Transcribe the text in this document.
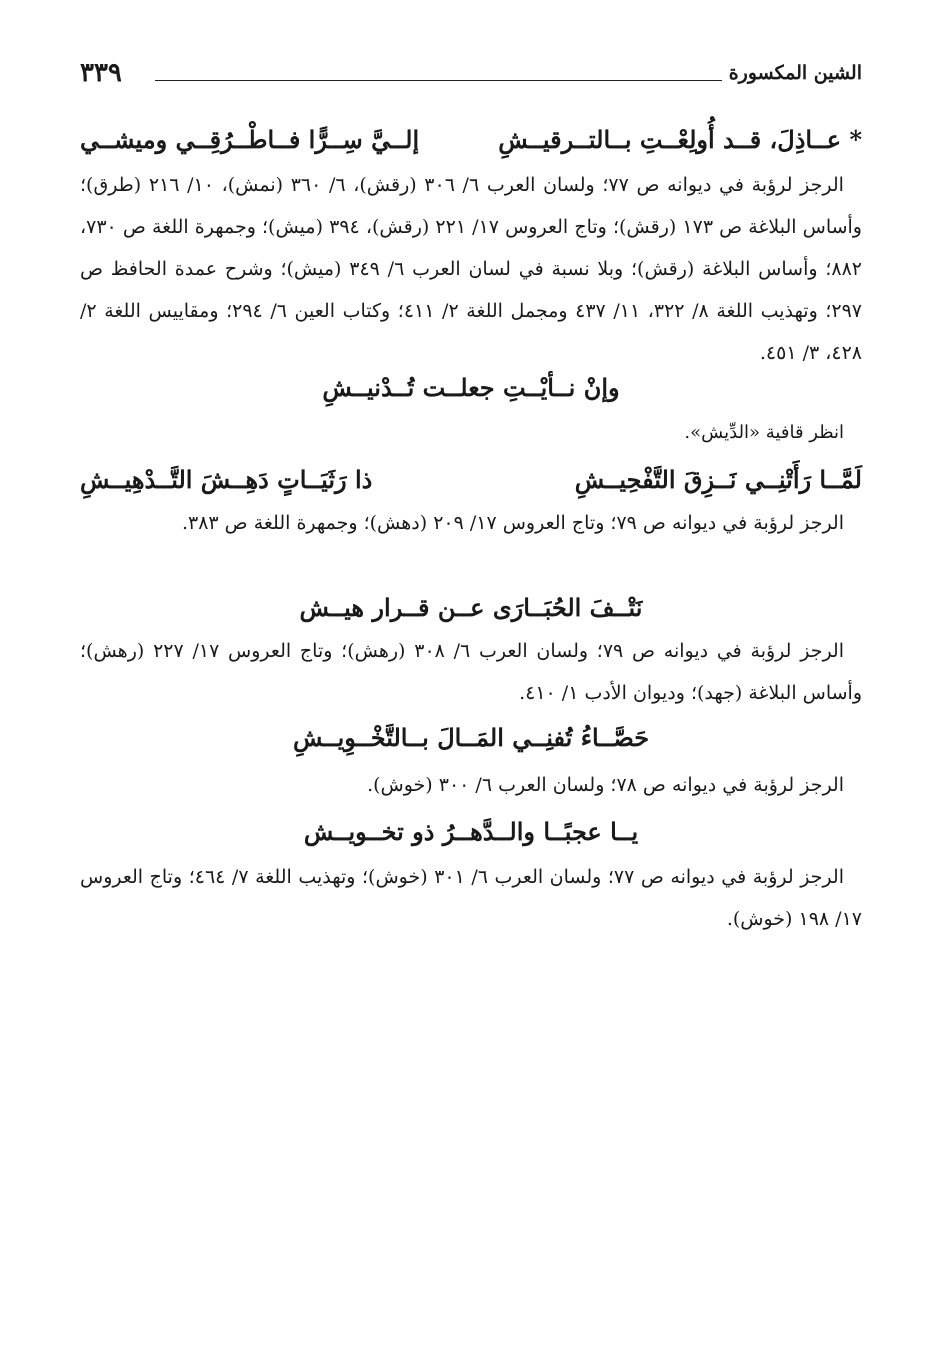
الشين المكسورة
٣٣٩
* عــاذِلَ، قــد أُولِعْــتِ بــالتــرقيــشِ
إلــيَّ سِــرًّا فــاطْــرُقِــي وميشــي
الرجز لرؤبة في ديوانه ص ٧٧؛ ولسان العرب ٦/ ٣٠٦ (رقش)، ٦/ ٣٦٠ (نمش)، ١٠/ ٢١٦ (طرق)؛ وأساس البلاغة ص ١٧٣ (رقش)؛ وتاج العروس ١٧/ ٢٢١ (رقش)، ٣٩٤ (ميش)؛ وجمهرة اللغة ص ٧٣٠، ٨٨٢؛ وأساس البلاغة (رقش)؛ وبلا نسبة في لسان العرب ٦/ ٣٤٩ (ميش)؛ وشرح عمدة الحافظ ص ٢٩٧؛ وتهذيب اللغة ٨/ ٣٢٢، ١١/ ٤٣٧ ومجمل اللغة ٢/ ٤١١؛ وكتاب العين ٦/ ٢٩٤؛ ومقاييس اللغة ٢/ ٤٢٨، ٣/ ٤٥١.
وإنْ نــأيْــتِ جعلــت تُــدْنيــشِ
انظر قافية «الدِّيش».
لَمَّــا رَأَتْنِــي نَــزِقَ التَّفْحِيــشِ
ذا رَثَيَــاتٍ دَهِــشَ التَّــدْهِيــشِ
الرجز لرؤبة في ديوانه ص ٧٩؛ وتاج العروس ١٧/ ٢٠٩ (دهش)؛ وجمهرة اللغة ص ٣٨٣.
نَتْــفَ الحُبَــارَى عــن قــرار هيــش
الرجز لرؤبة في ديوانه ص ٧٩؛ ولسان العرب ٦/ ٣٠٨ (رهش)؛ وتاج العروس ١٧/ ٢٢٧ (رهش)؛ وأساس البلاغة (جهد)؛ وديوان الأدب ١/ ٤١٠.
حَصَّــاءُ تُفنِــي المَــالَ بــالتَّخْــوِيــشِ
الرجز لرؤبة في ديوانه ص ٧٨؛ ولسان العرب ٦/ ٣٠٠ (خوش).
يــا عجبًــا والــدَّهــرُ ذو تخــويــش
الرجز لرؤبة في ديوانه ص ٧٧؛ ولسان العرب ٦/ ٣٠١ (خوش)؛ وتهذيب اللغة ٧/ ٤٦٤؛ وتاج العروس ١٧/ ١٩٨ (خوش).
